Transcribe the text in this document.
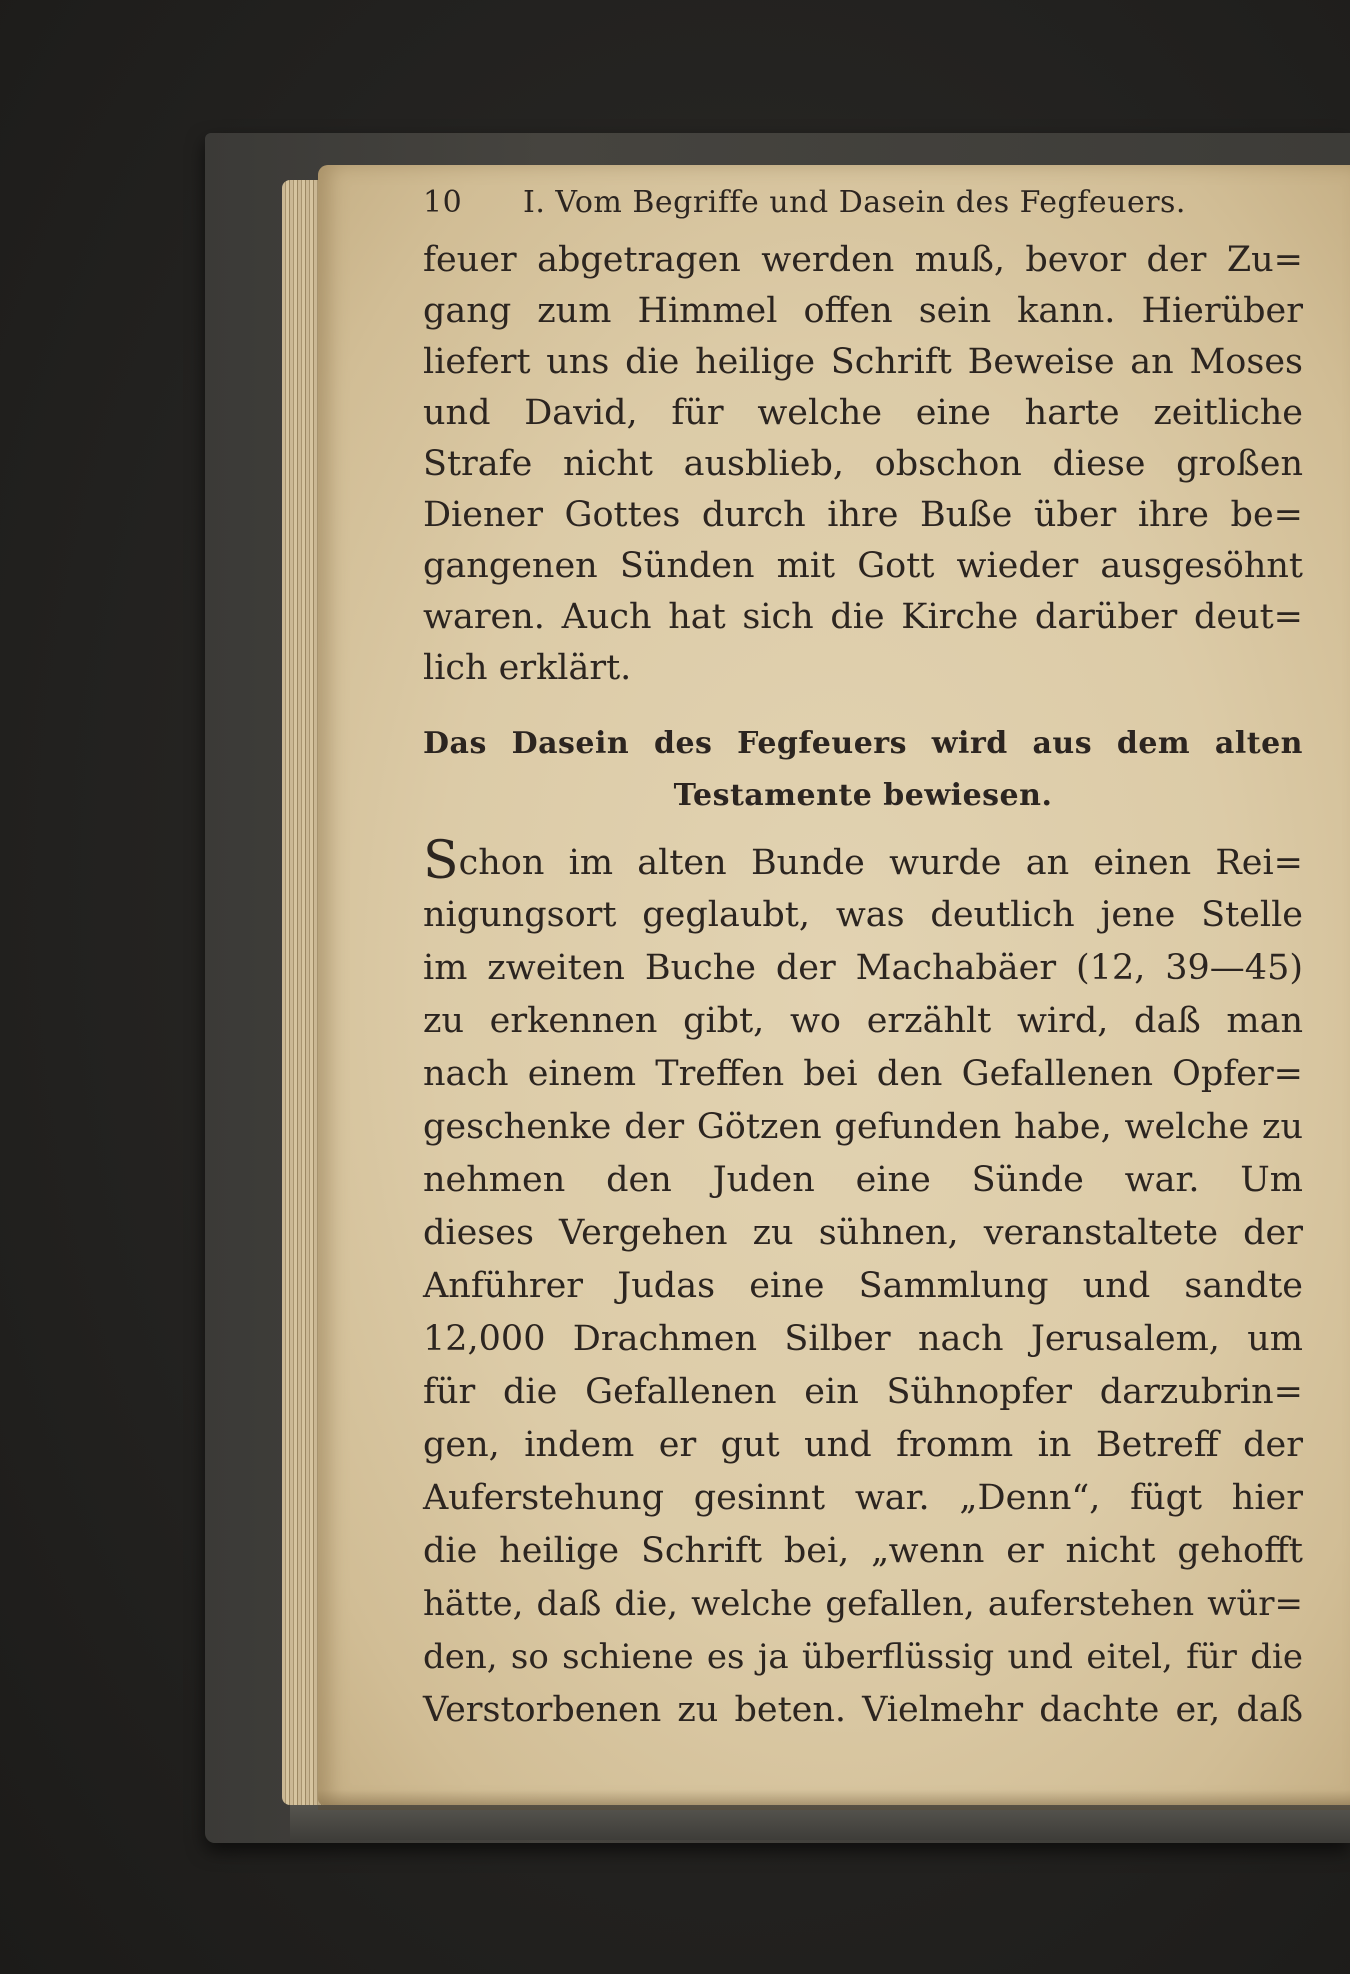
10	I. Vom Begriffe und Dasein des Fegfeuers.
feuer abgetragen werden muß, bevor der Zu=
gang zum Himmel offen sein kann. Hierüber
liefert uns die heilige Schrift Beweise an Moses
und David, für welche eine harte zeitliche
Strafe nicht ausblieb, obschon diese großen
Diener Gottes durch ihre Buße über ihre be=
gangenen Sünden mit Gott wieder ausgesöhnt
waren. Auch hat sich die Kirche darüber deut=
lich erklärt.
Das Dasein des Fegfeuers wird aus dem alten
Testamente bewiesen.
Schon im alten Bunde wurde an einen Rei=
nigungsort geglaubt, was deutlich jene Stelle
im zweiten Buche der Machabäer (12, 39—45)
zu erkennen gibt, wo erzählt wird, daß man
nach einem Treffen bei den Gefallenen Opfer=
geschenke der Götzen gefunden habe, welche zu
nehmen den Juden eine Sünde war. Um
dieses Vergehen zu sühnen, veranstaltete der
Anführer Judas eine Sammlung und sandte
12,000 Drachmen Silber nach Jerusalem, um
für die Gefallenen ein Sühnopfer darzubrin=
gen, indem er gut und fromm in Betreff der
Auferstehung gesinnt war. „Denn“, fügt hier
die heilige Schrift bei, „wenn er nicht gehofft
hätte, daß die, welche gefallen, auferstehen wür=
den, so schiene es ja überflüssig und eitel, für die
Verstorbenen zu beten. Vielmehr dachte er, daß
